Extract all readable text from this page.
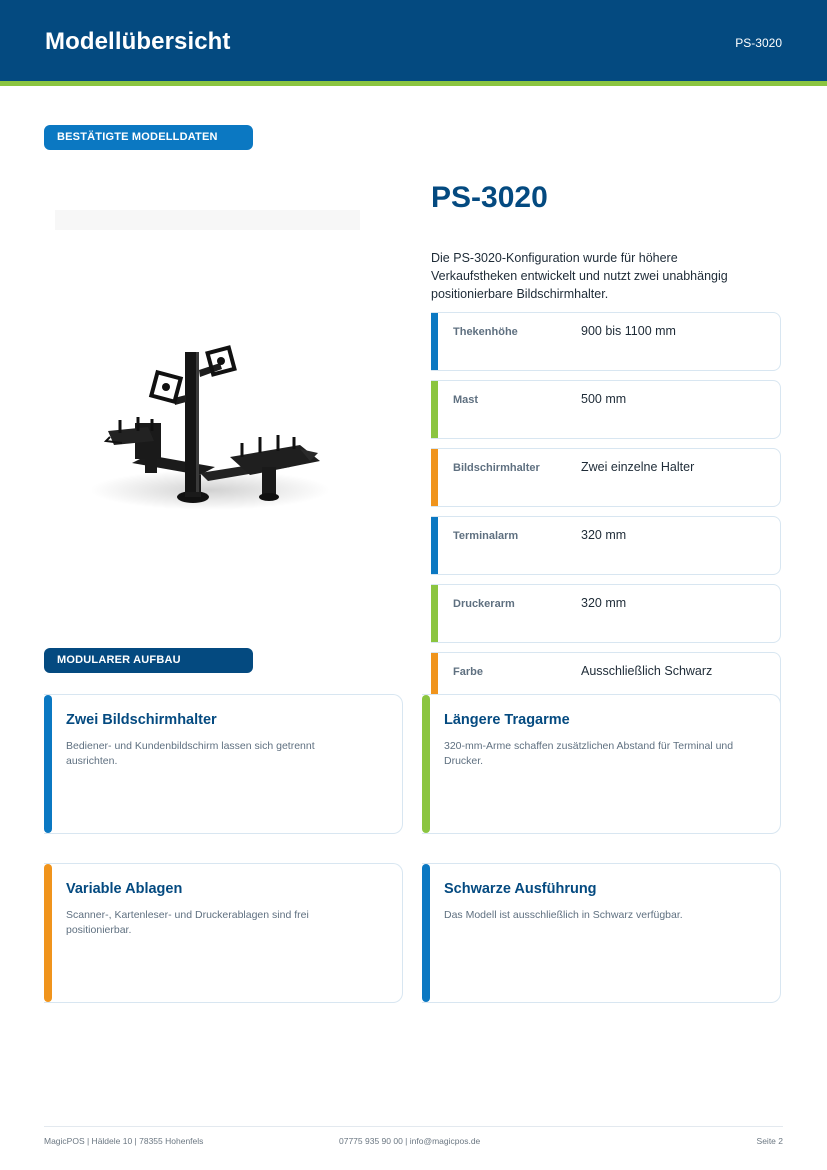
Modellübersicht	PS-3020
BESTÄTIGTE MODELLDATEN
PS-3020
Die PS-3020-Konfiguration wurde für höhere Verkaufstheken entwickelt und nutzt zwei unabhängig positionierbare Bildschirmhalter.
Thekenhöhe	900 bis 1100 mm
Mast	500 mm
Bildschirmhalter	Zwei einzelne Halter
Terminalarm	320 mm
Druckerarm	320 mm
Farbe	Ausschließlich Schwarz
MODULARER AUFBAU
Zwei Bildschirmhalter
Bediener- und Kundenbildschirm lassen sich getrennt ausrichten.
Längere Tragarme
320-mm-Arme schaffen zusätzlichen Abstand für Terminal und Drucker.
Variable Ablagen
Scanner-, Kartenleser- und Druckerablagen sind frei positionierbar.
Schwarze Ausführung
Das Modell ist ausschließlich in Schwarz verfügbar.
MagicPOS | Häldele 10 | 78355 Hohenfels	07775 935 90 00 | info@magicpos.de	Seite 2
